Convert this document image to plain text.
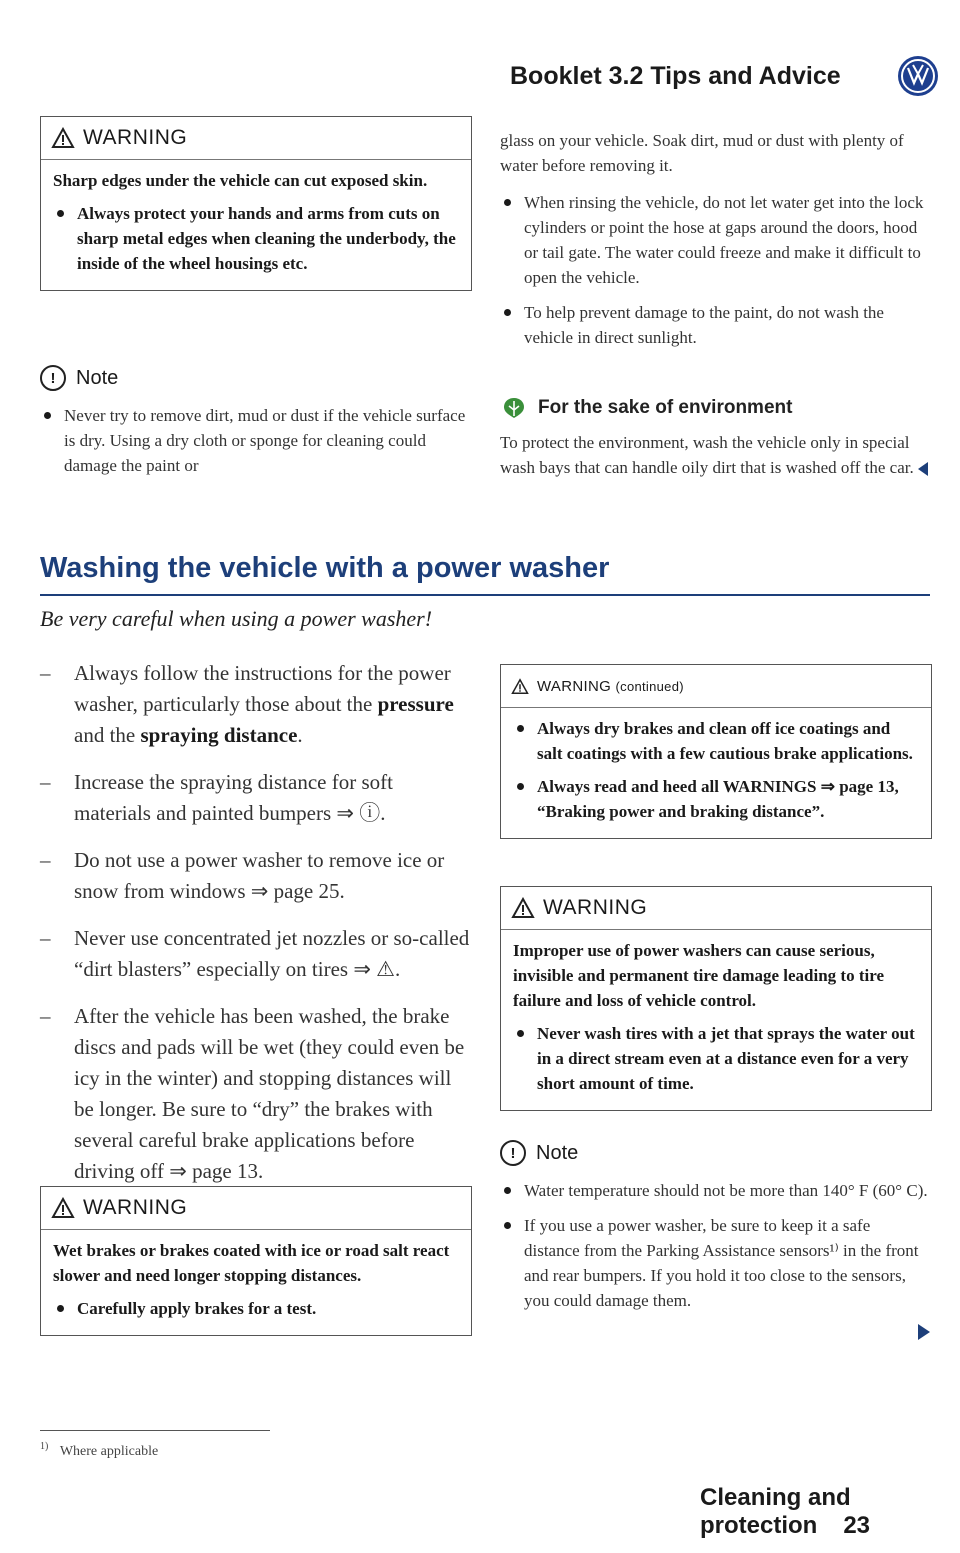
Booklet 3.2 Tips and Advice
WARNING

Sharp edges under the vehicle can cut exposed skin.

Always protect your hands and arms from cuts on sharp metal edges when cleaning the underbody, the inside of the wheel housings etc.
!	Note
Never try to remove dirt, mud or dust if the vehicle surface is dry. Using a dry cloth or sponge for cleaning could damage the paint or

glass on your vehicle. Soak dirt, mud or dust with plenty of water before removing it.

When rinsing the vehicle, do not let water get into the lock cylinders or point the hose at gaps around the doors, hood or tail gate. The water could freeze and make it difficult to open the vehicle.
To help prevent damage to the paint, do not wash the vehicle in direct sunlight.
For the sake of environment
To protect the environment, wash the vehicle only in special wash bays that can handle oily dirt that is washed off the car.
Washing the vehicle with a power washer
Be very careful when using a power washer!
– Always follow the instructions for the power washer, particularly those about the pressure and the spraying distance.
– Increase the spraying distance for soft materials and painted bumpers ⇒ ⓘ.
– Do not use a power washer to remove ice or snow from windows ⇒ page 25.
– Never use concentrated jet nozzles or so-called “dirt blasters” especially on tires ⇒ ⚠.
– After the vehicle has been washed, the brake discs and pads will be wet (they could even be icy in the winter) and stopping distances will be longer. Be sure to “dry” the brakes with several careful brake applications before driving off ⇒ page 13.
WARNING

Wet brakes or brakes coated with ice or road salt react slower and need longer stopping distances.

Carefully apply brakes for a test.
$^{1)}$ Where applicable
WARNING (continued)
Always dry brakes and clean off ice coatings and salt coatings with a few cautious brake applications.
Always read and heed all WARNINGS ⇒ page 13, “Braking power and braking distance”.
WARNING

Improper use of power washers can cause serious, invisible and permanent tire damage leading to tire failure and loss of vehicle control.

Never wash tires with a jet that sprays the water out in a direct stream even at a distance even for a very short amount of time.
!	Note
Water temperature should not be more than 140° F (60° C).
If you use a power washer, be sure to keep it a safe distance from the Parking Assistance sensors¹⁾ in the front and rear bumpers. If you hold it too close to the sensors, you could damage them.
Cleaning and protection 23
